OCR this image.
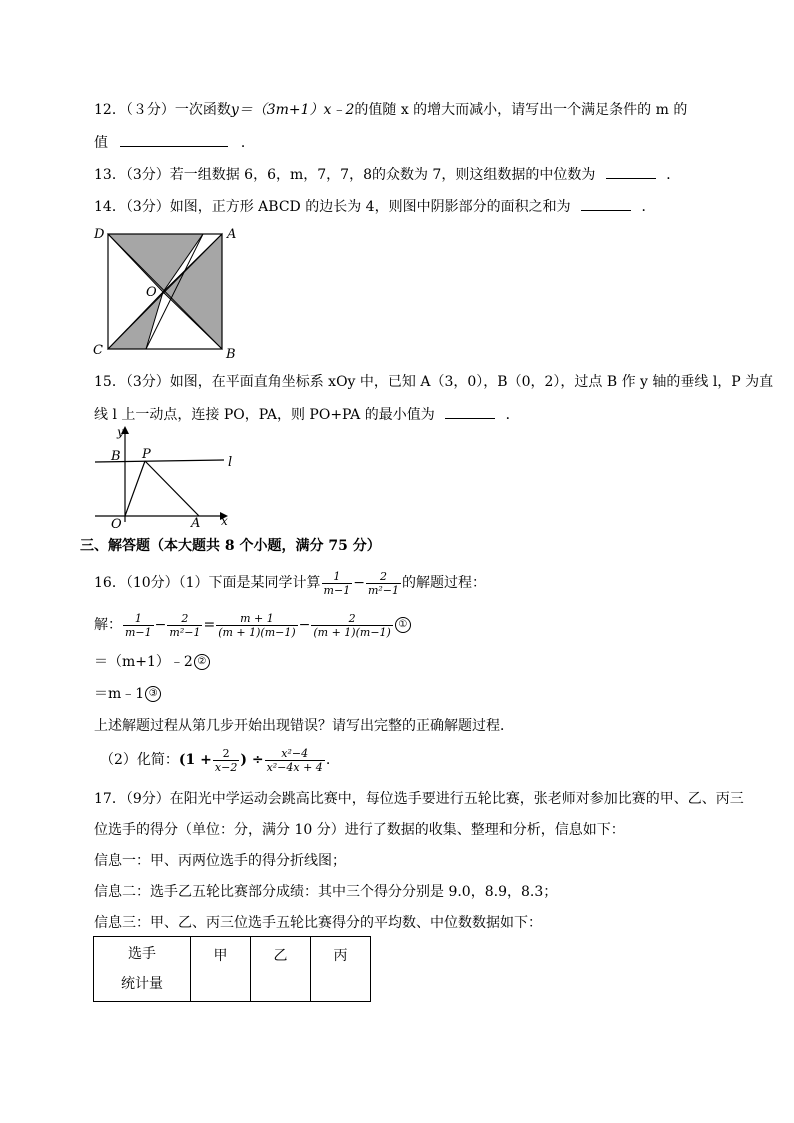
12．（３分）一次函数y＝（3m+1）x﹣2的值随 x 的增大而减小，请写出一个满足条件的 m 的
值	．
13．（3分）若一组数据 6，6，m，7，7，8的众数为 7，则这组数据的中位数为	．
14．（3分）如图，正方形 ABCD 的边长为 4，则图中阴影部分的面积之和为	．
D	A
C	B
O
15．（3分）如图，在平面直角坐标系 xOy 中，已知 A（3，0），B（0，2），过点 B 作 y 轴的垂线 l，P 为直
线 l 上一动点，连接 PO，PA，则 PO+PA 的最小值为	．
y
B P
l
O	A x
三、解答题（本大题共 8 个小题，满分 75 分）
16．（10分）（1）下面是某同学计算 $\frac{1}{m-1} - \frac{2}{\text{m²−1}}$ 的解题过程：
解： $\frac{1}{m-1} - \frac{2}{\text{m²−1}} = \frac{m + 1}{(m + 1)(m-1)} - \frac{2}{(m + 1)(m-1)}$ ①
＝（m+1）﹣2 ②
＝m﹣1 ③
上述解题过程从第几步开始出现错误？请写出完整的正确解题过程．
（2）化简：($1 + \frac{2}{x-2}$ ) ÷ $\frac{\text{x²−4}}{\text{x²−4x + 4}}$ .
17．（9分）在阳光中学运动会跳高比赛中，每位选手要进行五轮比赛，张老师对参加比赛的甲、乙、丙三
位选手的得分（单位：分，满分 10 分）进行了数据的收集、整理和分析，信息如下：
信息一：甲、丙两位选手的得分折线图；
信息二：选手乙五轮比赛部分成绩：其中三个得分分别是 9.0，8.9，8.3；
信息三：甲、乙、丙三位选手五轮比赛得分的平均数、中位数数据如下：
选手
统计量
	甲	乙	丙
